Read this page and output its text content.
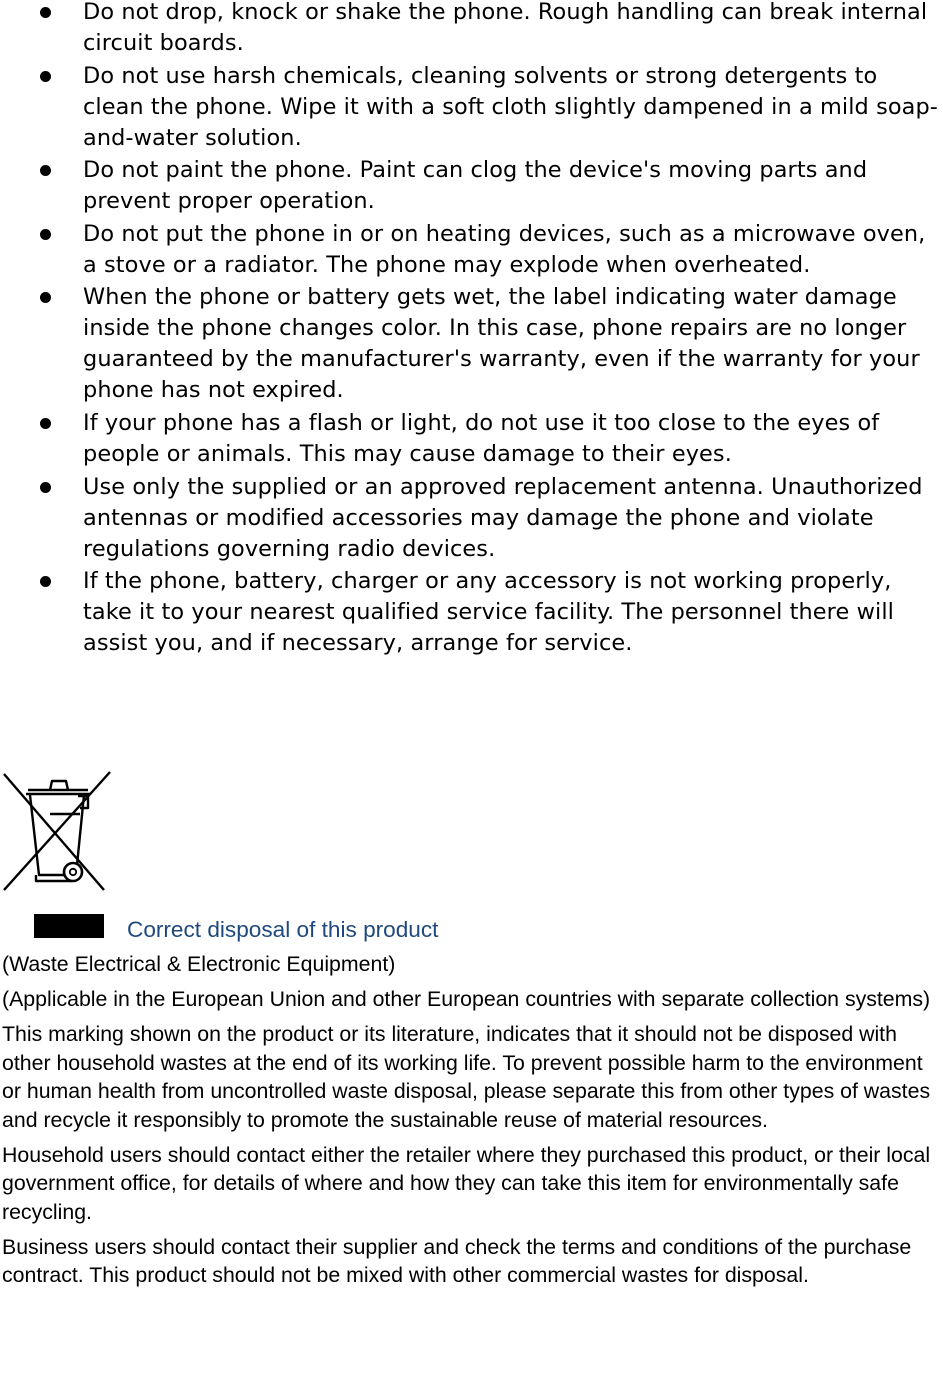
Do not drop, knock or shake the phone. Rough handling can break internal circuit boards.
Do not use harsh chemicals, cleaning solvents or strong detergents to clean the phone. Wipe it with a soft cloth slightly dampened in a mild soap-and-water solution.
Do not paint the phone. Paint can clog the device's moving parts and prevent proper operation.
Do not put the phone in or on heating devices, such as a microwave oven, a stove or a radiator. The phone may explode when overheated.
When the phone or battery gets wet, the label indicating water damage inside the phone changes color. In this case, phone repairs are no longer guaranteed by the manufacturer's warranty, even if the warranty for your phone has not expired.
If your phone has a flash or light, do not use it too close to the eyes of people or animals. This may cause damage to their eyes.
Use only the supplied or an approved replacement antenna. Unauthorized antennas or modified accessories may damage the phone and violate regulations governing radio devices.
If the phone, battery, charger or any accessory is not working properly, take it to your nearest qualified service facility. The personnel there will assist you, and if necessary, arrange for service.
Correct disposal of this product

(Waste Electrical & Electronic Equipment)

(Applicable in the European Union and other European countries with separate collection systems)

This marking shown on the product or its literature, indicates that it should not be disposed with other household wastes at the end of its working life. To prevent possible harm to the environment or human health from uncontrolled waste disposal, please separate this from other types of wastes and recycle it responsibly to promote the sustainable reuse of material resources.

Household users should contact either the retailer where they purchased this product, or their local government office, for details of where and how they can take this item for environmentally safe recycling.

Business users should contact their supplier and check the terms and conditions of the purchase contract. This product should not be mixed with other commercial wastes for disposal.
